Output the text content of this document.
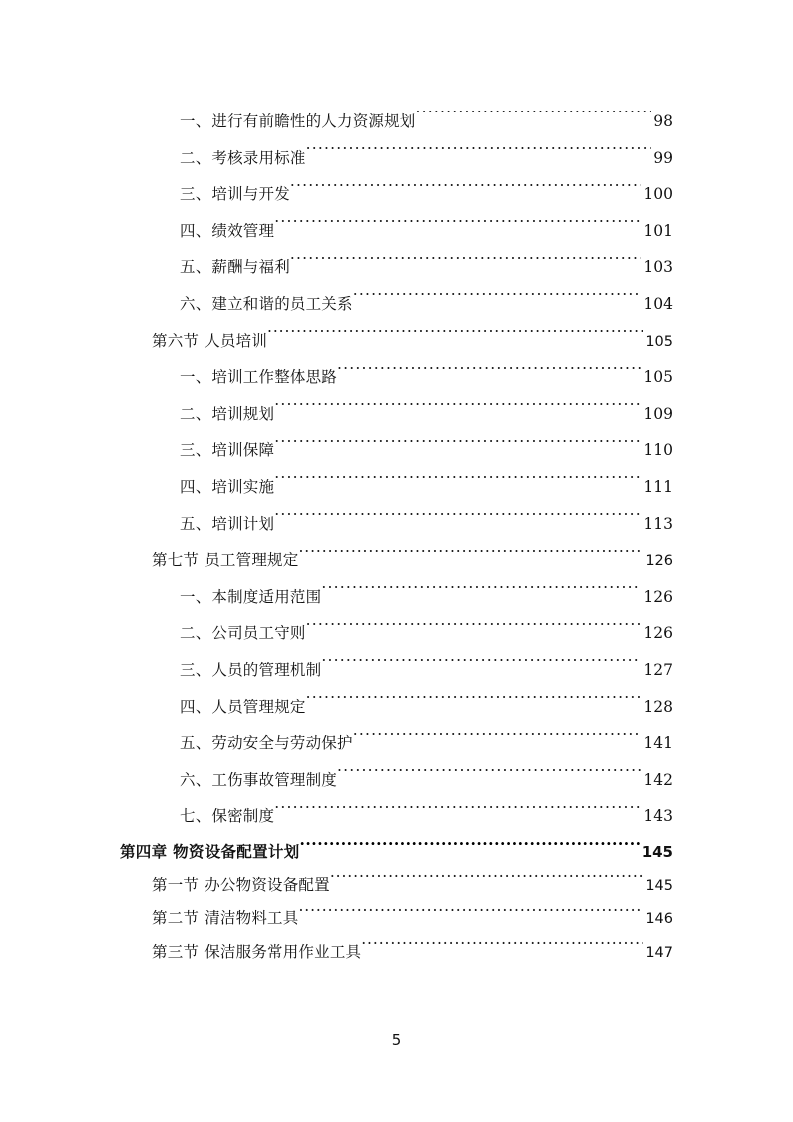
一、进行有前瞻性的人力资源规划 .....	98
二、考核录用标准 .....	99
三、培训与开发 .....	100
四、绩效管理 .....	101
五、薪酬与福利 .....	103
六、建立和谐的员工关系 .....	104
第六节 人员培训 .....	105
一、培训工作整体思路 .....	105
二、培训规划 .....	109
三、培训保障 .....	110
四、培训实施 .....	111
五、培训计划 .....	113
第七节 员工管理规定 .....	126
一、本制度适用范围 .....	126
二、公司员工守则 .....	126
三、人员的管理机制 .....	127
四、人员管理规定 .....	128
五、劳动安全与劳动保护 .....	141
六、工伤事故管理制度 .....	142
七、保密制度 .....	143
第四章 物资设备配置计划 .....	145
第一节 办公物资设备配置 .....	145
第二节 清洁物料工具 .....	146
第三节 保洁服务常用作业工具 .....	147
5
